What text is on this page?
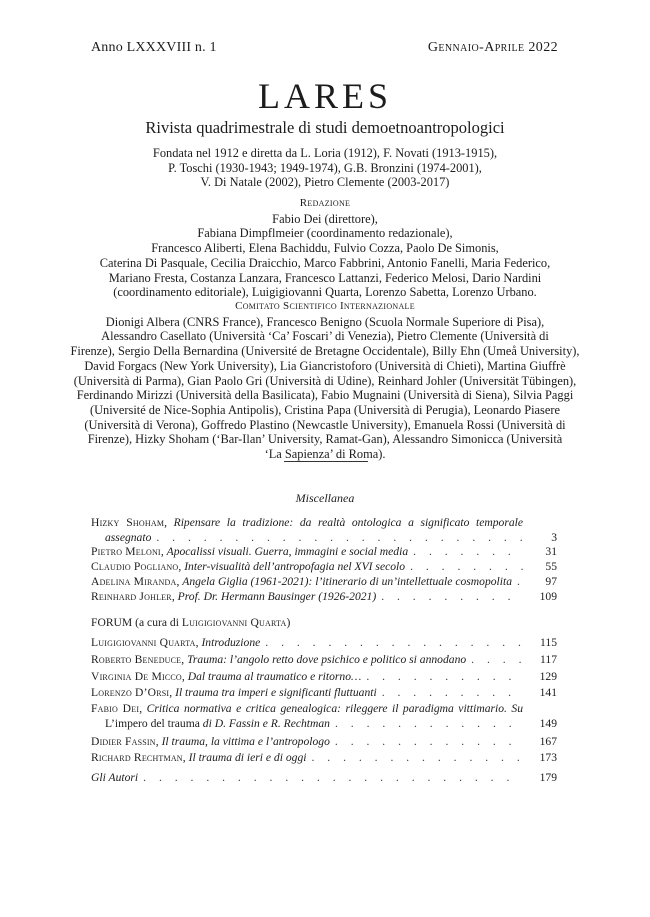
Anno LXXXVIII n. 1	Gennaio-Aprile 2022
LARES
Rivista quadrimestrale di studi demoetnoantropologici
Fondata nel 1912 e diretta da L. Loria (1912), F. Novati (1913-1915),
P. Toschi (1930-1943; 1949-1974), G.B. Bronzini (1974-2001),
V. Di Natale (2002), Pietro Clemente (2003-2017)
Redazione
Fabio Dei (direttore),
Fabiana Dimpflmeier (coordinamento redazionale),
Francesco Aliberti, Elena Bachiddu, Fulvio Cozza, Paolo De Simonis,
Caterina Di Pasquale, Cecilia Draicchio, Marco Fabbrini, Antonio Fanelli, Maria Federico,
Mariano Fresta, Costanza Lanzara, Francesco Lattanzi, Federico Melosi, Dario Nardini
(coordinamento editoriale), Luigigiovanni Quarta, Lorenzo Sabetta, Lorenzo Urbano.
Comitato Scientifico Internazionale
Dionigi Albera (CNRS France), Francesco Benigno (Scuola Normale Superiore di Pisa),
Alessandro Casellato (Università ‘Ca’ Foscari’ di Venezia), Pietro Clemente (Università di
Firenze), Sergio Della Bernardina (Université de Bretagne Occidentale), Billy Ehn (Umeå University),
David Forgacs (New York University), Lia Giancristoforo (Università di Chieti), Martina Giuffrè
(Università di Parma), Gian Paolo Gri (Università di Udine), Reinhard Johler (Universität Tübingen),
Ferdinando Mirizzi (Università della Basilicata), Fabio Mugnaini (Università di Siena), Silvia Paggi
(Université de Nice-Sophia Antipolis), Cristina Papa (Università di Perugia), Leonardo Piasere
(Università di Verona), Goffredo Plastino (Newcastle University), Emanuela Rossi (Università di
Firenze), Hizky Shoham (‘Bar-Ilan’ University, Ramat-Gan), Alessandro Simonicca (Università
‘La Sapienza’ di Roma).
Miscellanea
Hizky Shoham, Ripensare la tradizione: da realtà ontologica a significato temporale
assegnato . . .	3
Pietro Meloni, Apocalissi visuali. Guerra, immagini e social media . . .	31
Claudio Pogliano, Inter-visualità dell’antropofagia nel XVI secolo . . .	55
Adelina Miranda, Angela Giglia (1961-2021): l’itinerario di un’intellettuale cosmopolita . . .	97
Reinhard Johler, Prof. Dr. Hermann Bausinger (1926-2021) . . .	109
FORUM (a cura di Luigigiovanni Quarta)
Luigigiovanni Quarta, Introduzione . . .	115
Roberto Beneduce, Trauma: l’angolo retto dove psichico e politico si annodano . . .	117
Virginia De Micco, Dal trauma al traumatico e ritorno… . . .	129
Lorenzo D’Orsi, Il trauma tra imperi e significanti fluttuanti . . .	141
Fabio Dei, Critica normativa e critica genealogica: rileggere il paradigma vittimario. Su
L’impero del trauma di D. Fassin e R. Rechtman . . .	149
Didier Fassin, Il trauma, la vittima e l’antropologo . . .	167
Richard Rechtman, Il trauma di ieri e di oggi . . .	173
Gli Autori . . .	179
